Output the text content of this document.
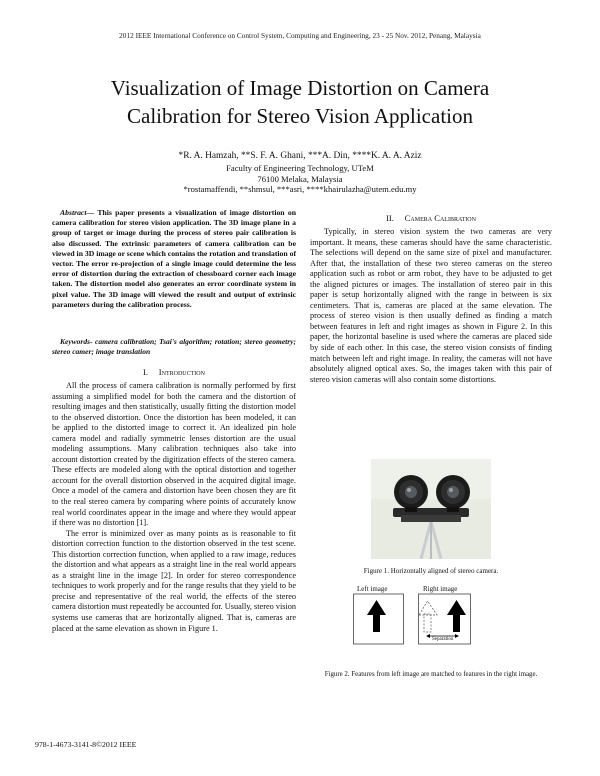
2012 IEEE International Conference on Control System, Computing and Engineering, 23 - 25 Nov. 2012, Penang, Malaysia
Visualization of Image Distortion on Camera
Calibration for Stereo Vision Application
*R. A. Hamzah, **S. F. A. Ghani, ***A. Din, ****K. A. A. Aziz
Faculty of Engineering Technology, UTeM
76100 Melaka, Malaysia
*rostamaffendi, **shmsul, ***asri, ****khairulazha@utem.edu.my
Abstract— This paper presents a visualization of image distortion on camera calibration for stereo vision application. The 3D image plane in a group of target or image during the process of stereo pair calibration is also discussed. The extrinsic parameters of camera calibration can be viewed in 3D image or scene which contains the rotation and translation of vector. The error re-projection of a single image could determine the less error of distortion during the extraction of chessboard corner each image taken. The distortion model also generates an error coordinate system in pixel value. The 3D image will viewed the result and output of extrinsic parameters during the calibration process.
Keywords- camera calibration; Tsai's algorithm; rotation; stereo geometry; stereo camer; image translation
I. Introduction

All the process of camera calibration is normally performed by first assuming a simplified model for both the camera and the distortion of resulting images and then statistically, usually fitting the distortion model to the observed distortion. Once the distortion has been modeled, it can be applied to the distorted image to correct it. An idealized pin hole camera model and radially symmetric lenses distortion are the usual modeling assumptions. Many calibration techniques also take into account distortion created by the digitization effects of the stereo camera. These effects are modeled along with the optical distortion and together account for the overall distortion observed in the acquired digital image. Once a model of the camera and distortion have been chosen they are fit to the real stereo camera by comparing where points of accurately know real world coordinates appear in the image and where they would appear if there was no distortion [1].

The error is minimized over as many points as is reasonable to fit distortion correction function to the distortion observed in the test scene. This distortion correction function, when applied to a raw image, reduces the distortion and what appears as a straight line in the real world appears as a straight line in the image [2]. In order for stereo correspondence techniques to work properly and for the range results that they yield to be precise and representative of the real world, the effects of the stereo camera distortion must repeatedly be accounted for. Usually, stereo vision systems use cameras that are horizontally aligned. That is, cameras are placed at the same elevation as shown in Figure 1.

II. Camera Calibration

Typically, in stereo vision system the two cameras are very important. It means, these cameras should have the same characteristic. The selections will depend on the same size of pixel and manufacturer. After that, the installation of these two stereo cameras on the stereo application such as robot or arm robot, they have to be adjusted to get the aligned pictures or images. The installation of stereo pair in this paper is setup horizontally aligned with the range in between is six centimeters. That is, cameras are placed at the same elevation. The process of stereo vision is then usually defined as finding a match between features in left and right images as shown in Figure 2. In this paper, the horizontal baseline is used where the cameras are placed side by side of each other. In this case, the stereo vision consists of finding match between left and right image. In reality, the cameras will not have absolutely aligned optical axes. So, the images taken with this pair of stereo vision cameras will also contain some distortions.

Figure 1. Horizontally aligned of stereo camera.
Left image	Right image
Separation
Figure 2. Features from left image are matched to features in the right image.
978-1-4673-3141-8©2012 IEEE
